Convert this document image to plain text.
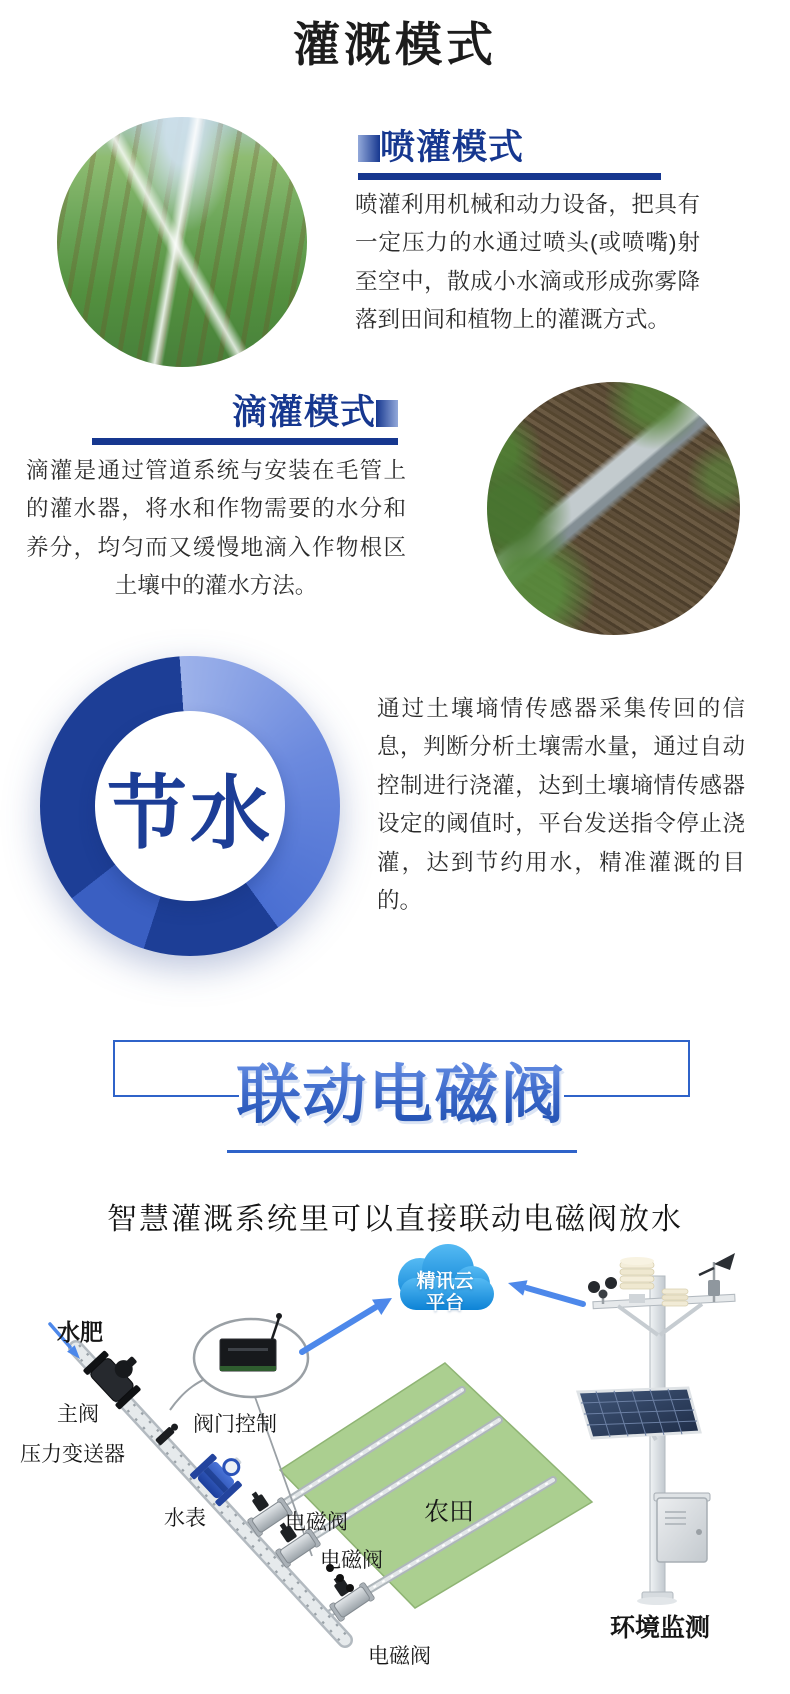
灌溉模式
喷灌模式
喷灌利用机械和动力设备，把具有一定压力的水通过喷头(或喷嘴)射至空中，散成小水滴或形成弥雾降落到田间和植物上的灌溉方式。
滴灌模式
滴灌是通过管道系统与安装在毛管上的灌水器，将水和作物需要的水分和养分，均匀而又缓慢地滴入作物根区土壤中的灌水方法。
节水
通过土壤墒情传感器采集传回的信息，判断分析土壤需水量，通过自动控制进行浇灌，达到土壤墒情传感器设定的阈值时，平台发送指令停止浇灌，达到节约用水，精准灌溉的目的。
联动电磁阀
智慧灌溉系统里可以直接联动电磁阀放水
精讯云
平台
水肥
主阀
压力变送器
阀门控制
水表	电磁阀
电磁阀
电磁阀
农田
环境监测
